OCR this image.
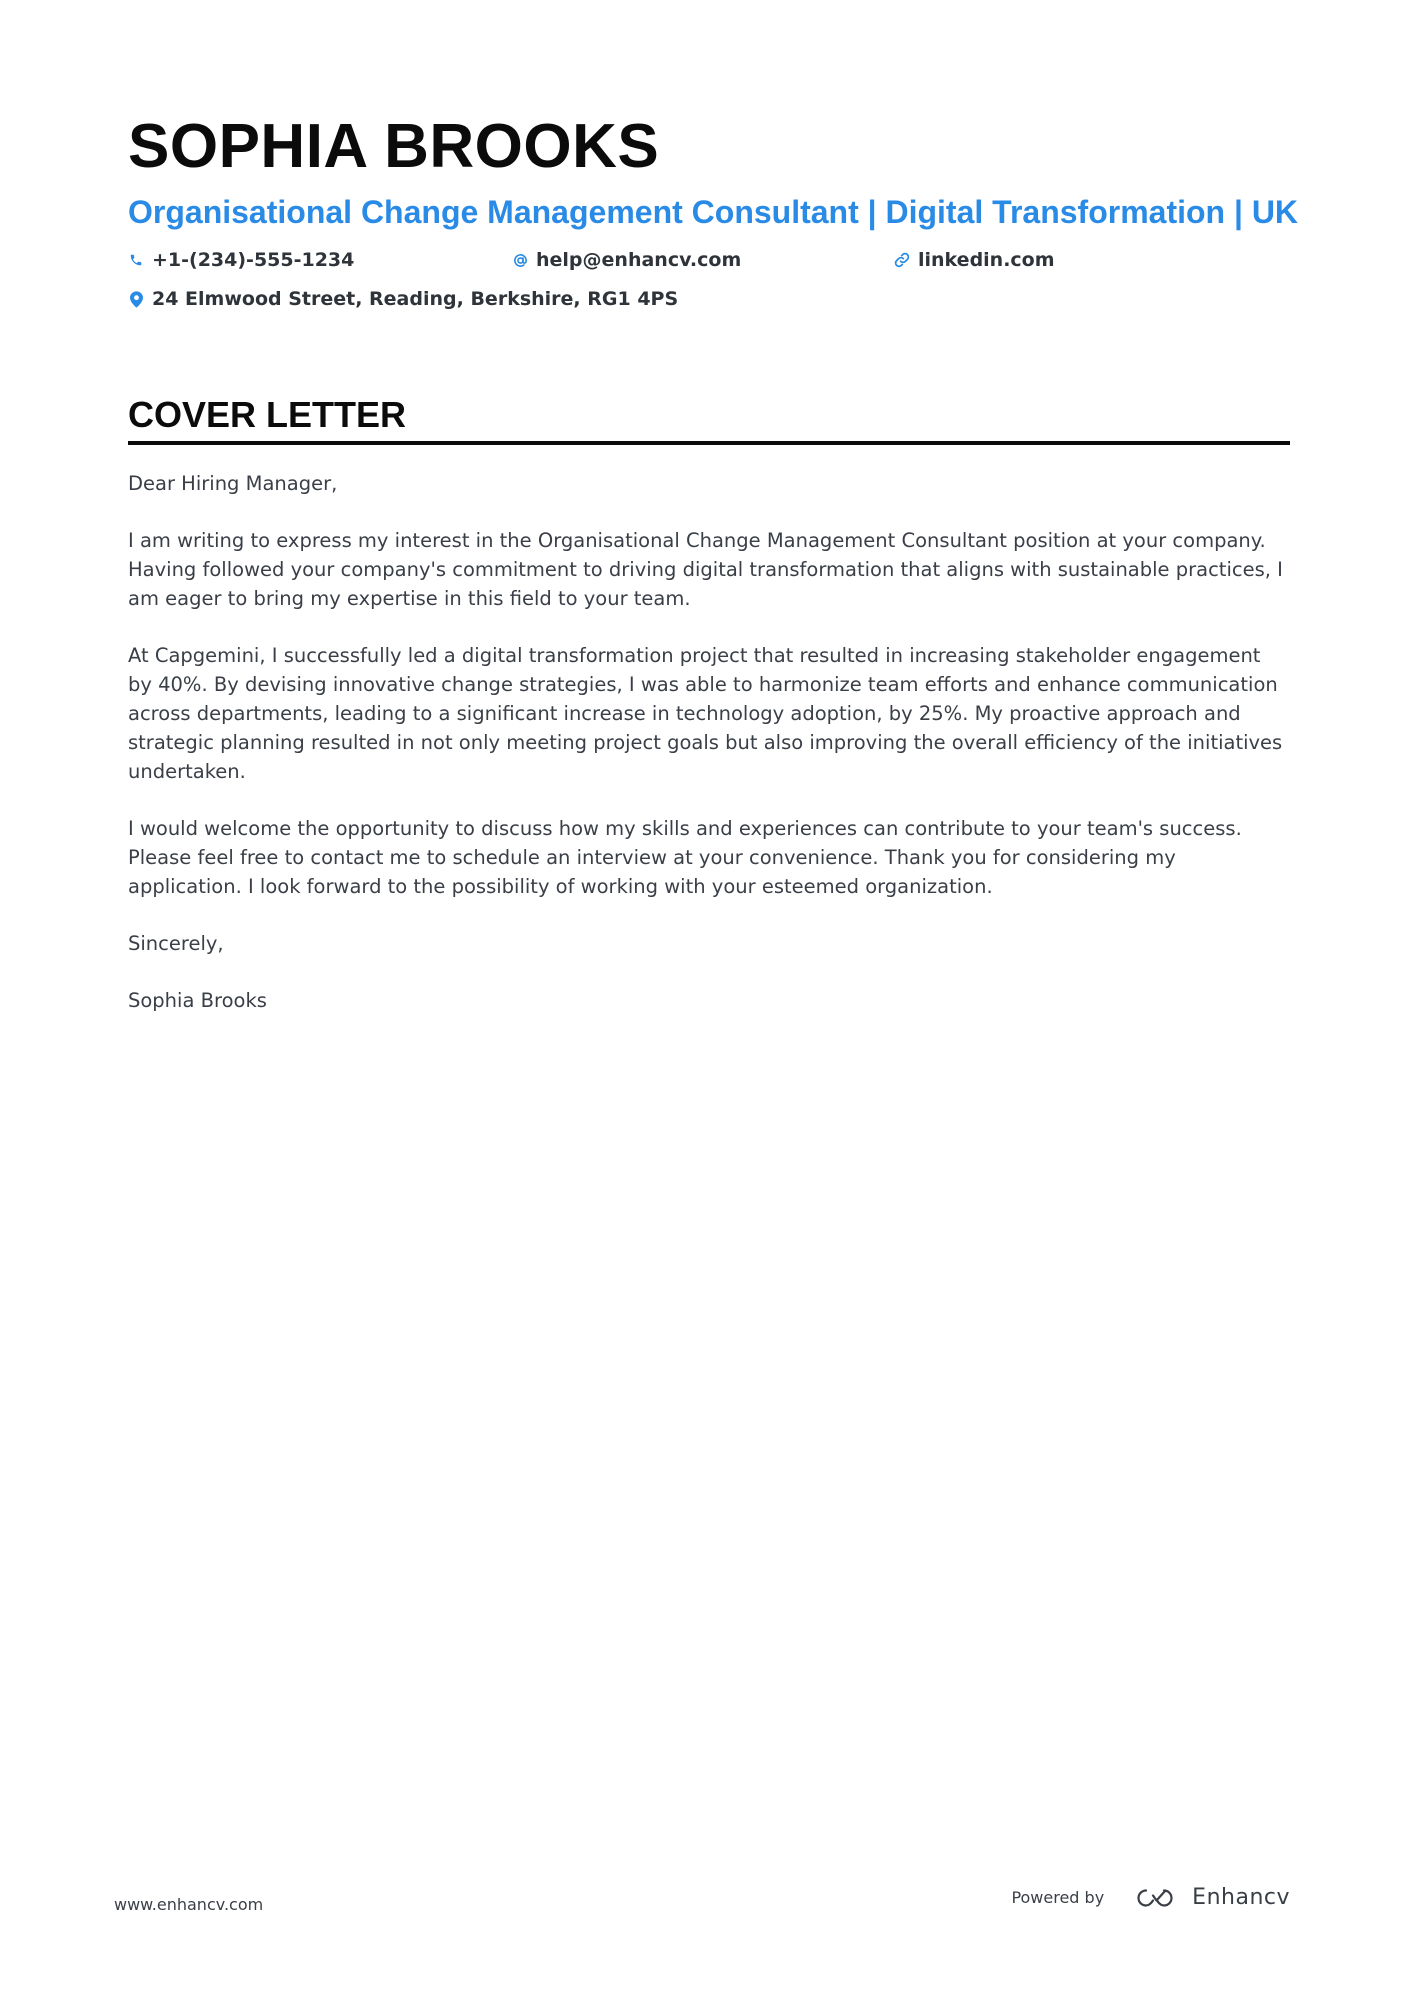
SOPHIA BROOKS
Organisational Change Management Consultant | Digital Transformation | UK
+1-(234)-555-1234	help@enhancv.com	linkedin.com
24 Elmwood Street, Reading, Berkshire, RG1 4PS
COVER LETTER

Dear Hiring Manager,

I am writing to express my interest in the Organisational Change Management Consultant position at your company. Having followed your company's commitment to driving digital transformation that aligns with sustainable practices, I am eager to bring my expertise in this field to your team.

At Capgemini, I successfully led a digital transformation project that resulted in increasing stakeholder engagement by 40%. By devising innovative change strategies, I was able to harmonize team efforts and enhance communication across departments, leading to a significant increase in technology adoption, by 25%. My proactive approach and strategic planning resulted in not only meeting project goals but also improving the overall efficiency of the initiatives undertaken.

I would welcome the opportunity to discuss how my skills and experiences can contribute to your team's success. Please feel free to contact me to schedule an interview at your convenience. Thank you for considering my application. I look forward to the possibility of working with your esteemed organization.

Sincerely,

Sophia Brooks

www.enhancv.com	Powered by	Enhancv
